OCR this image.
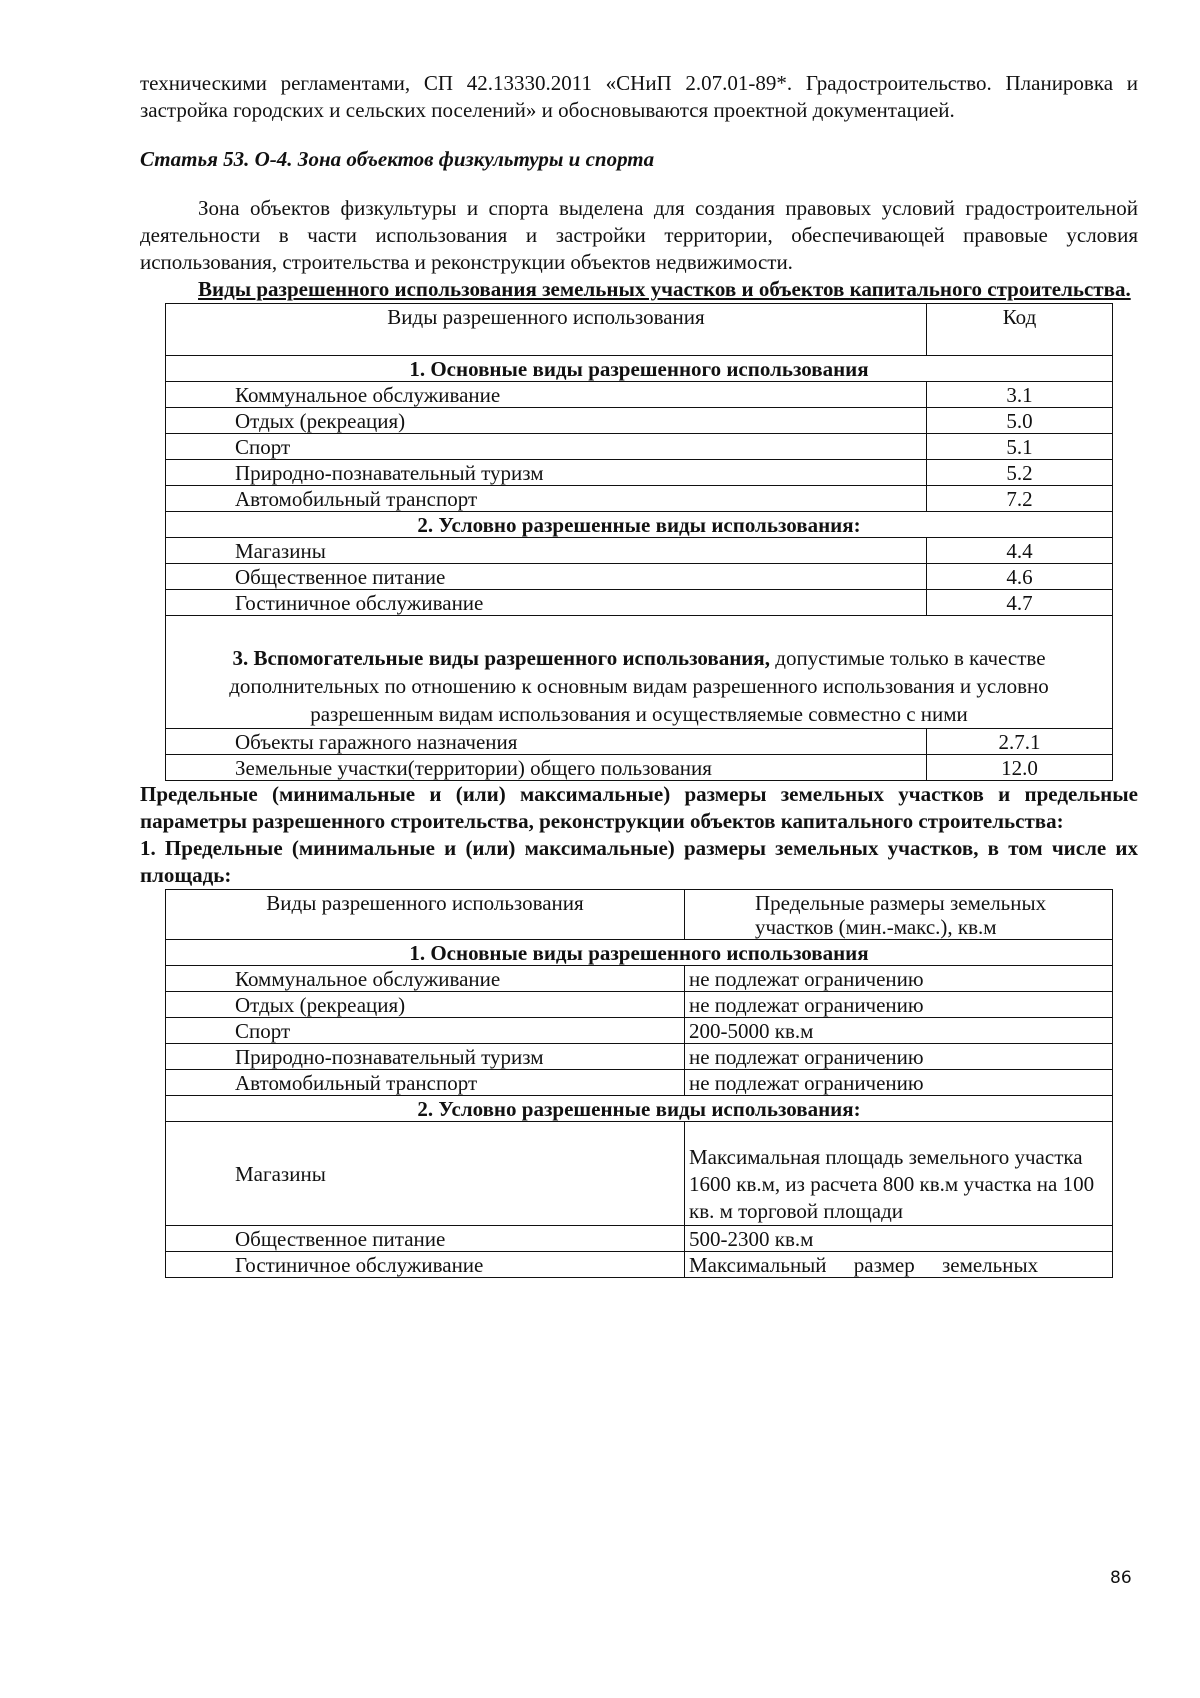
техническими регламентами, СП 42.13330.2011 «СНиП 2.07.01-89*. Градостроительство. Планировка и застройка городских и сельских поселений» и обосновываются проектной документацией.

Статья 53. О-4. Зона объектов физкультуры и спорта

Зона объектов физкультуры и спорта выделена для создания правовых условий градостроительной деятельности в части использования и застройки территории, обеспечивающей правовые условия использования, строительства и реконструкции объектов недвижимости.

Виды разрешенного использования земельных участков и объектов капитального строительства.

Виды разрешенного использования	Код
1. Основные виды разрешенного использования	
Коммунальное обслуживание	3.1
Отдых (рекреация)	5.0
Спорт	5.1
Природно-познавательный туризм	5.2
Автомобильный транспорт	7.2
2. Условно разрешенные виды использования:	
Магазины	4.4
Общественное питание	4.6
Гостиничное обслуживание	4.7
3. Вспомогательные виды разрешенного использования, допустимые только в качестве дополнительных по отношению к основным видам разрешенного использования и условно разрешенным видам использования и осуществляемые совместно с ними	
Объекты гаражного назначения	2.7.1
Земельные участки(территории) общего пользования	12.0

Предельные (минимальные и (или) максимальные) размеры земельных участков и предельные параметры разрешенного строительства, реконструкции объектов капитального строительства:

1. Предельные (минимальные и (или) максимальные) размеры земельных участков, в том числе их площадь:

Виды разрешенного использования	Предельные размеры земельных участков (мин.-макс.), кв.м
1. Основные виды разрешенного использования	
Коммунальное обслуживание	не подлежат ограничению
Отдых (рекреация)	не подлежат ограничению
Спорт	200-5000 кв.м
Природно-познавательный туризм	не подлежат ограничению
Автомобильный транспорт	не подлежат ограничению
2. Условно разрешенные виды использования:	
Магазины	Максимальная площадь земельного участка 1600 кв.м, из расчета 800 кв.м участка на 100 кв. м торговой площади
Общественное питание	500-2300 кв.м
Гостиничное обслуживание	Максимальный размер земельных
86
